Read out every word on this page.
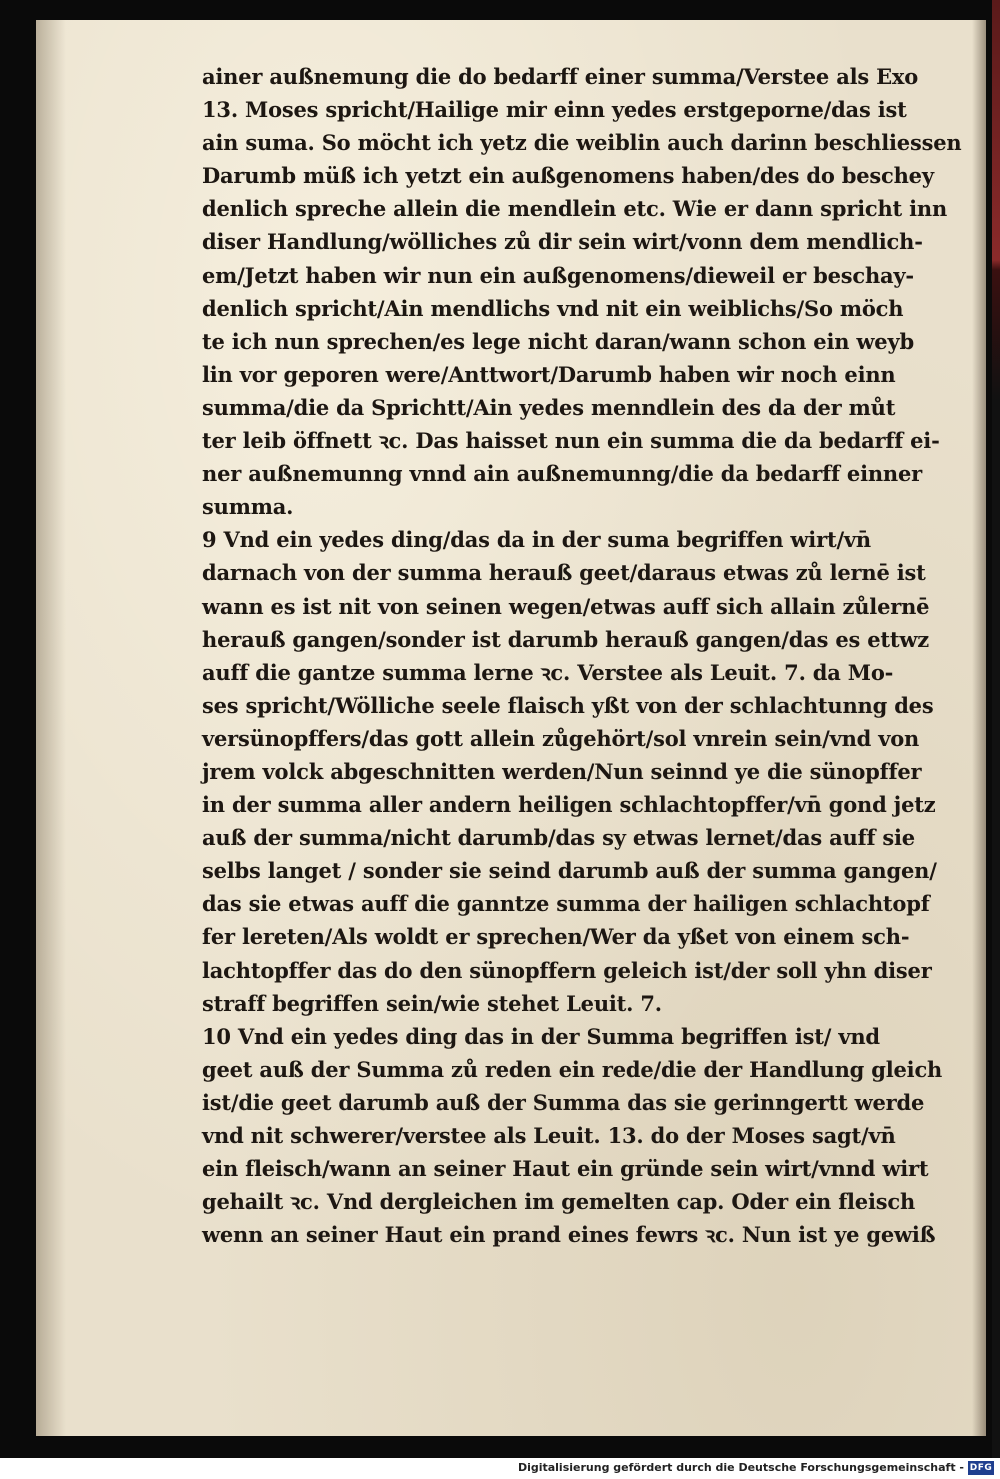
ainer außnemung die do bedarff einer summa/Verstee als Exo
13. Moses spricht/Hailige mir einn yedes erstgeporne/das ist
ain suma. So möcht ich yetz die weiblin auch darinn beschliessen
Darumb müß ich yetzt ein außgenomens haben/des do beschey
denlich spreche allein die mendlein etc. Wie er dann spricht inn
diser Handlung/wölliches zů dir sein wirt/vonn dem mendlich-
em/Jetzt haben wir nun ein außgenomens/dieweil er beschay-
denlich spricht/Ain mendlichs vnd nit ein weiblichs/So möch
te ich nun sprechen/es lege nicht daran/wann schon ein weyb
lin vor geporen were/Anttwort/Darumb haben wir noch einn
summa/die da Sprichtt/Ain yedes menndlein des da der můt
ter leib öffnett ꝛc. Das haisset nun ein summa die da bedarff ei-
ner außnemunng vnnd ain außnemunng/die da bedarff einner
summa.
9 Vnd ein yedes ding/das da in der suma begriffen wirt/vn̄
darnach von der summa herauß geet/daraus etwas zů lernē ist
wann es ist nit von seinen wegen/etwas auff sich allain zůlernē
herauß gangen/sonder ist darumb herauß gangen/das es ettwz
auff die gantze summa lerne ꝛc. Verstee als Leuit. 7. da Mo-
ses spricht/Wölliche seele flaisch yßt von der schlachtunng des
versünopffers/das gott allein zůgehört/sol vnrein sein/vnd von
jrem volck abgeschnitten werden/Nun seinnd ye die sünopffer
in der summa aller andern heiligen schlachtopffer/vn̄ gond jetz
auß der summa/nicht darumb/das sy etwas lernet/das auff sie
selbs langet / sonder sie seind darumb auß der summa gangen/
das sie etwas auff die ganntze summa der hailigen schlachtopf
fer lereten/Als woldt er sprechen/Wer da yßet von einem sch-
lachtopffer das do den sünopffern geleich ist/der soll yhn diser
straff begriffen sein/wie stehet Leuit. 7.
10 Vnd ein yedes ding das in der Summa begriffen ist/ vnd
geet auß der Summa zů reden ein rede/die der Handlung gleich
ist/die geet darumb auß der Summa das sie gerinngertt werde
vnd nit schwerer/verstee als Leuit. 13. do der Moses sagt/vn̄
ein fleisch/wann an seiner Haut ein gründe sein wirt/vnnd wirt
gehailt ꝛc. Vnd dergleichen im gemelten cap. Oder ein fleisch
wenn an seiner Haut ein prand eines fewrs ꝛc. Nun ist ye gewiß
Digitalisierung gefördert durch die Deutsche Forschungsgemeinschaft - DFG
